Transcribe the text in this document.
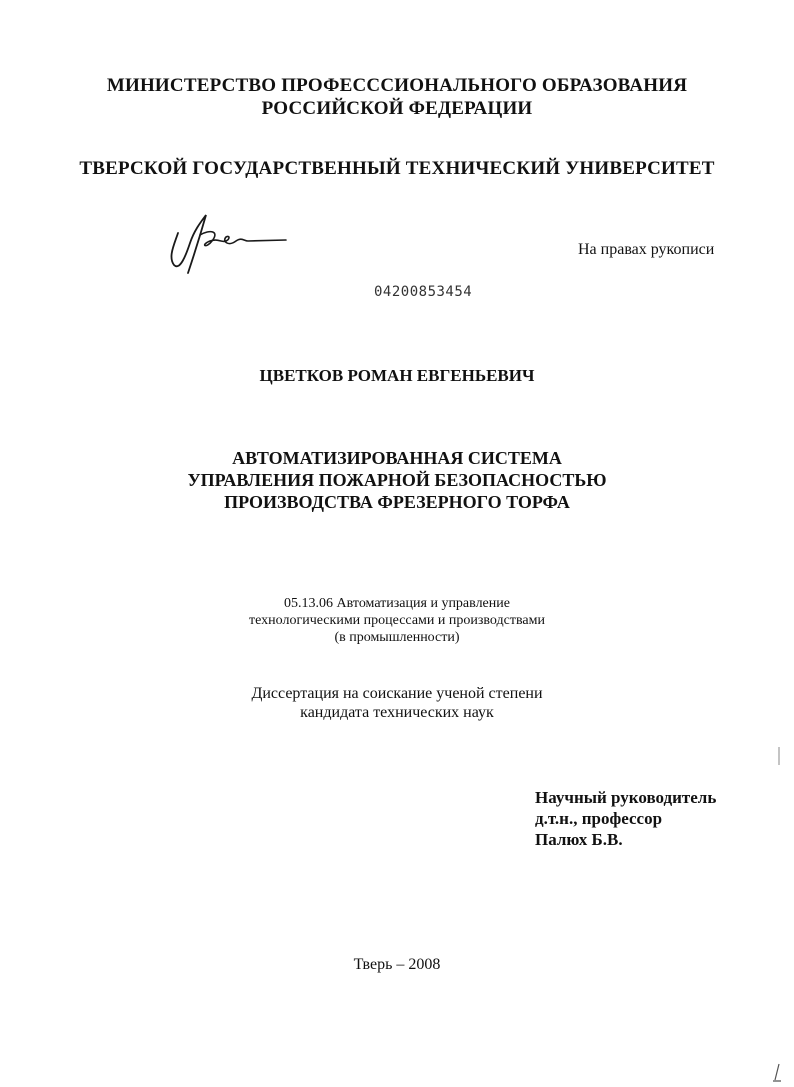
МИНИСТЕРСТВО ПРОФЕСССИОНАЛЬНОГО ОБРАЗОВАНИЯ
РОССИЙСКОЙ ФЕДЕРАЦИИ
ТВЕРСКОЙ ГОСУДАРСТВЕННЫЙ ТЕХНИЧЕСКИЙ УНИВЕРСИТЕТ
На правах рукописи
04200853454
ЦВЕТКОВ РОМАН ЕВГЕНЬЕВИЧ
АВТОМАТИЗИРОВАННАЯ СИСТЕМА
УПРАВЛЕНИЯ ПОЖАРНОЙ БЕЗОПАСНОСТЬЮ
ПРОИЗВОДСТВА ФРЕЗЕРНОГО ТОРФА
05.13.06 Автоматизация и управление
технологическими процессами и производствами
(в промышленности)
Диссертация на соискание ученой степени
кандидата технических наук
Научный руководитель
д.т.н., профессор
Палюх Б.В.
Тверь – 2008
